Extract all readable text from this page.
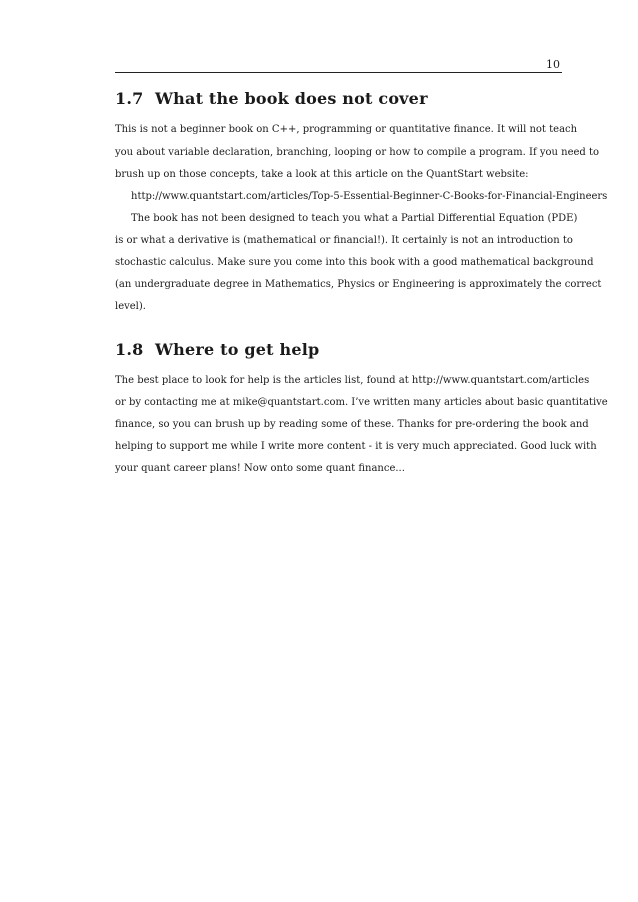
10
1.7 What the book does not cover
This is not a beginner book on C++, programming or quantitative finance. It will not teach
you about variable declaration, branching, looping or how to compile a program. If you need to
brush up on those concepts, take a look at this article on the QuantStart website:
http://www.quantstart.com/articles/Top-5-Essential-Beginner-C-Books-for-Financial-Engineers
The book has not been designed to teach you what a Partial Differential Equation (PDE)
is or what a derivative is (mathematical or financial!). It certainly is not an introduction to
stochastic calculus. Make sure you come into this book with a good mathematical background
(an undergraduate degree in Mathematics, Physics or Engineering is approximately the correct
level).
1.8 Where to get help
The best place to look for help is the articles list, found at http://www.quantstart.com/articles
or by contacting me at mike@quantstart.com. I’ve written many articles about basic quantitative
finance, so you can brush up by reading some of these. Thanks for pre-ordering the book and
helping to support me while I write more content - it is very much appreciated. Good luck with
your quant career plans! Now onto some quant finance...
